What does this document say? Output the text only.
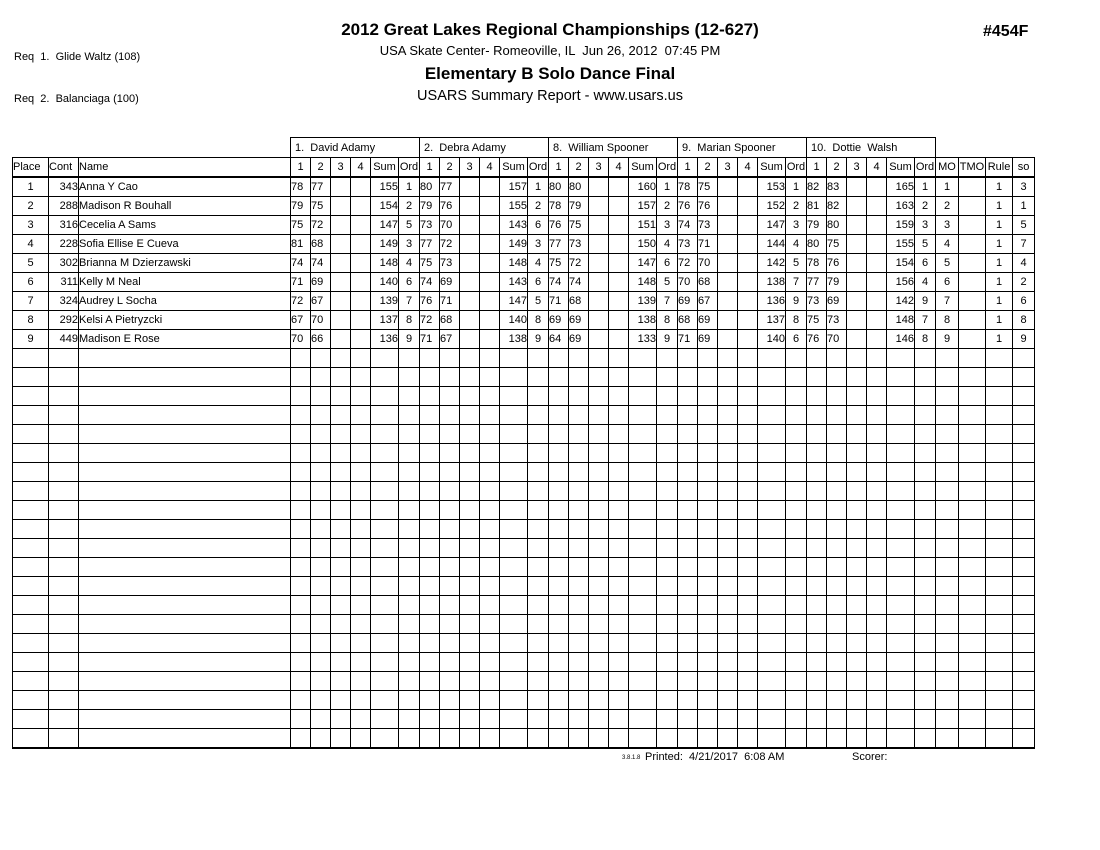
Req  1.  Glide Waltz (108)

Req  2.  Balanciaga (100)

2012 Great Lakes Regional Championships (12-627)
USA Skate Center- Romeoville, IL  Jun 26, 2012  07:45 PM
Elementary B Solo Dance Final
USARS Summary Report - www.usars.us
#454F
			1.  David Adamy						2.  Debra Adamy						8.  William Spooner						9.  Marian Spooner						10.  Dottie  Walsh									
Place	Cont	Name	1	2	3	4	Sum	Ord	1	2	3	4	Sum	Ord	1	2	3	4	Sum	Ord	1	2	3	4	Sum	Ord	1	2	3	4	Sum	Ord	MO	TMO	Rule	so
1	343	Anna Y Cao	78	77			155	1	80	77			157	1	80	80			160	1	78	75			153	1	82	83			165	1	1		1	3
2	288	Madison R Bouhall	79	75			154	2	79	76			155	2	78	79			157	2	76	76			152	2	81	82			163	2	2		1	1
3	316	Cecelia A Sams	75	72			147	5	73	70			143	6	76	75			151	3	74	73			147	3	79	80			159	3	3		1	5
4	228	Sofia Ellise E Cueva	81	68			149	3	77	72			149	3	77	73			150	4	73	71			144	4	80	75			155	5	4		1	7
5	302	Brianna M Dzierzawski	74	74			148	4	75	73			148	4	75	72			147	6	72	70			142	5	78	76			154	6	5		1	4
6	311	Kelly M Neal	71	69			140	6	74	69			143	6	74	74			148	5	70	68			138	7	77	79			156	4	6		1	2
7	324	Audrey L Socha	72	67			139	7	76	71			147	5	71	68			139	7	69	67			136	9	73	69			142	9	7		1	6
8	292	Kelsi A Pietryzcki	67	70			137	8	72	68			140	8	69	69			138	8	68	69			137	8	75	73			148	7	8		1	8
9	449	Madison E Rose	70	66			136	9	71	67			138	9	64	69			133	9	71	69			140	6	76	70			146	8	9		1	9

3.8.1.8 Printed:  4/21/2017  6:08 AM	Scorer:
